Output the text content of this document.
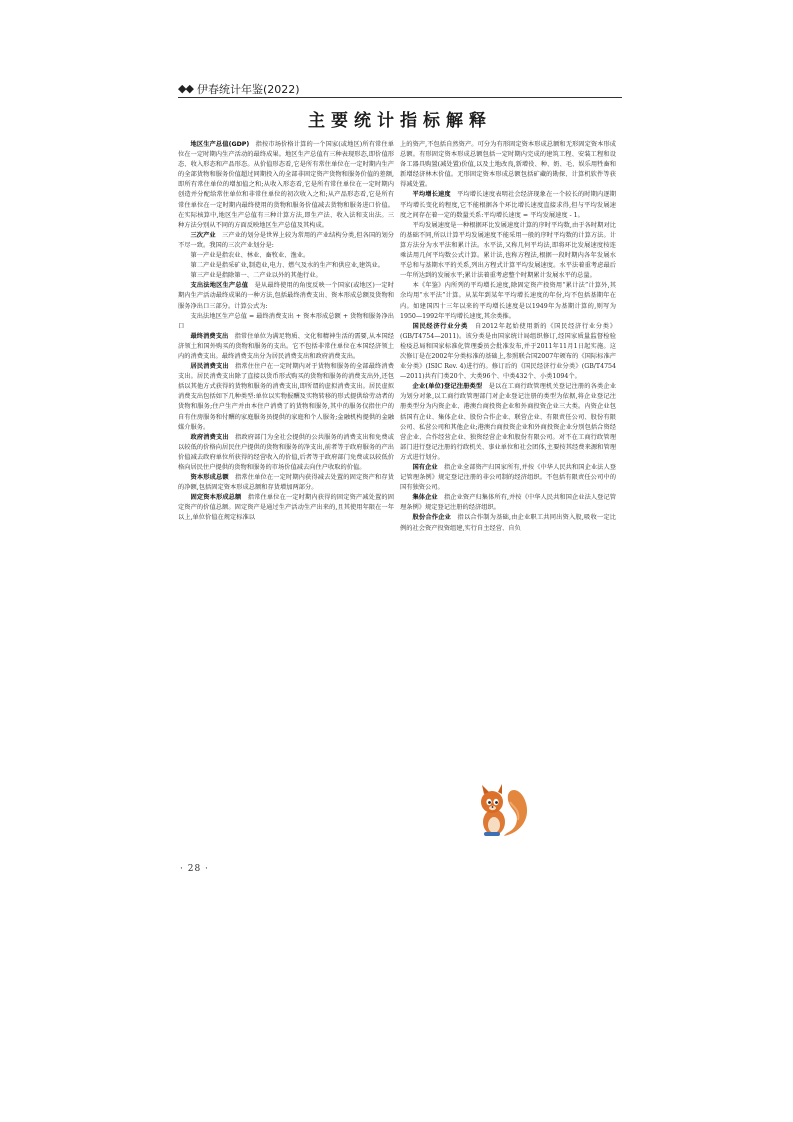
◆◆ 伊春统计年鉴(2022)
主要统计指标解释

地区生产总值(GDP)　指按市场价格计算的一个国家(或地区)所有常住单位在一定时期内生产活动的最终成果。地区生产总值有三种表现形态,即价值形态、收入形态和产品形态。从价值形态看,它是所有常住单位在一定时期内生产的全部货物和服务价值超过同期投入的全部非固定资产货物和服务价值的差额,即所有常住单位的增加值之和;从收入形态看,它是所有常住单位在一定时期内创造并分配给常住单位和非常住单位的初次收入之和;从产品形态看,它是所有常住单位在一定时期内最终使用的货物和服务价值减去货物和服务进口价值。在实际核算中,地区生产总值有三种计算方法,即生产法、收入法和支出法。三种方法分别从不同的方面反映地区生产总值及其构成。

三次产业　三产业的划分是世界上较为常用的产业结构分类,但各国的划分不尽一致。我国的三次产业划分是:

第一产业是指农业、林业、畜牧业、渔业。

第二产业是指采矿业,制造业,电力、燃气及水的生产和供应业,建筑业。

第三产业是指除第一、二产业以外的其他行业。

支出法地区生产总值　是从最终使用的角度反映一个国家(或地区)一定时期内生产活动最终成果的一种方法,包括最终消费支出、资本形成总额及货物和服务净出口三部分。计算公式为:

支出法地区生产总值 = 最终消费支出 + 资本形成总额 + 货物和服务净出口

最终消费支出　指常住单位为满足物质、文化和精神生活的需要,从本国经济领土和国外购买的货物和服务的支出。它不包括非常住单位在本国经济领土内的消费支出。最终消费支出分为居民消费支出和政府消费支出。

居民消费支出　指常住住户在一定时期内对于货物和服务的全部最终消费支出。居民消费支出除了直接以货币形式购买的货物和服务的消费支出外,还包括以其他方式获得的货物和服务的消费支出,即所谓的虚拟消费支出。居民虚拟消费支出包括如下几种类型:单位以实物报酬及实物转移的形式提供给劳动者的货物和服务;住户生产并由本住户消费了的货物和服务,其中的服务仅指住户的自有住房服务和付酬的家庭服务员提供的家庭和个人服务;金融机构提供的金融媒介服务。

政府消费支出　指政府部门为全社会提供的公共服务的消费支出和免费或以较低的价格向居民住户提供的货物和服务的净支出,前者等于政府服务的产出价值减去政府单位所获得的经营收入的价值,后者等于政府部门免费或以较低价格向居民住户提供的货物和服务的市场价值减去向住户收取的价值。

资本形成总额　指常住单位在一定时期内获得减去处置的固定资产和存货的净额,包括固定资本形成总额和存货增加两部分。

固定资本形成总额　指常住单位在一定时期内获得的固定资产减处置的固定资产的价值总额。固定资产是通过生产活动生产出来的,且其使用年限在一年以上,单位价值在规定标准以

上的资产,不包括自然资产。可分为有形固定资本形成总额和无形固定资本形成总额。有形固定资本形成总额包括一定时期内完成的建筑工程、安装工程和设备工器具购置(减处置)价值,以及土地改良,新增役、种、奶、毛、娱乐用牲畜和新增经济林木价值。无形固定资本形成总额包括矿藏的勘探、计算机软件等获得减处置。

平均增长速度　平均增长速度表明社会经济现象在一个较长的时期内逐期平均增长变化的程度,它不能根据各个环比增长速度直接求得,但与平均发展速度之间存在着一定的数量关系:平均增长速度 = 平均发展速度 - 1。

平均发展速度是一种根据环比发展速度计算的序时平均数,由于各时期对比的基础不同,所以计算平均发展速度不能采用一般的序时平均数的计算方法。计算方法分为水平法和累计法。水平法,又称几何平均法,即将环比发展速度按连乘法用几何平均数公式计算。累计法,也称方程法,根据一段时期内各年发展水平总和与基期水平的关系,列出方程式计算平均发展速度。水平法着重考虑最后一年所达到的发展水平;累计法着重考虑整个时期累计发展水平的总量。

本《年鉴》内所列的平均增长速度,除固定资产投资用“累计法”计算外,其余均用“水平法”计算。从某年到某年平均增长速度的年份,均不包括基期年在内。如建国四十三年以来的平均增长速度是以1949年为基期计算的,则写为1950—1992年平均增长速度,其余类推。

国民经济行业分类　自2012年起始使用新的《国民经济行业分类》(GB/T4754—2011)。该分类是由国家统计局组织修订,经国家质量监督检验检疫总局和国家标准化管理委员会批准发布,并于2011年11月1日起实施。这次修订是在2002年分类标准的基础上,参照联合国2007年颁布的《国际标准产业分类》(ISIC Rev. 4)进行的。修订后的《国民经济行业分类》(GB/T4754—2011)共有门类20个、大类96个、中类432个、小类1094个。

企业(单位)登记注册类型　是以在工商行政管理机关登记注册的各类企业为划分对象,以工商行政管理部门对企业登记注册的类型为依据,将企业登记注册类型分为内资企业、港澳台商投资企业和外商投资企业三大类。内资企业包括国有企业、集体企业、股份合作企业、联营企业、有限责任公司、股份有限公司、私营公司和其他企业;港澳台商投资企业和外商投资企业分别包括合资经营企业、合作经营企业、独资经营企业和股份有限公司。对不在工商行政管理部门进行登记注册的行政机关、事业单位和社会团体,主要按其经费来源和管理方式进行划分。

国有企业　指企业全部资产归国家所有,并按《中华人民共和国企业法人登记管理条例》规定登记注册的非公司制的经济组织。不包括有限责任公司中的国有独资公司。

集体企业　指企业资产归集体所有,并按《中华人民共和国企业法人登记管理条例》规定登记注册的经济组织。

股份合作企业　指以合作制为基础,由企业职工共同出资入股,吸收一定比例的社会资产投资组建,实行自主经营、自负

· 28 ·
